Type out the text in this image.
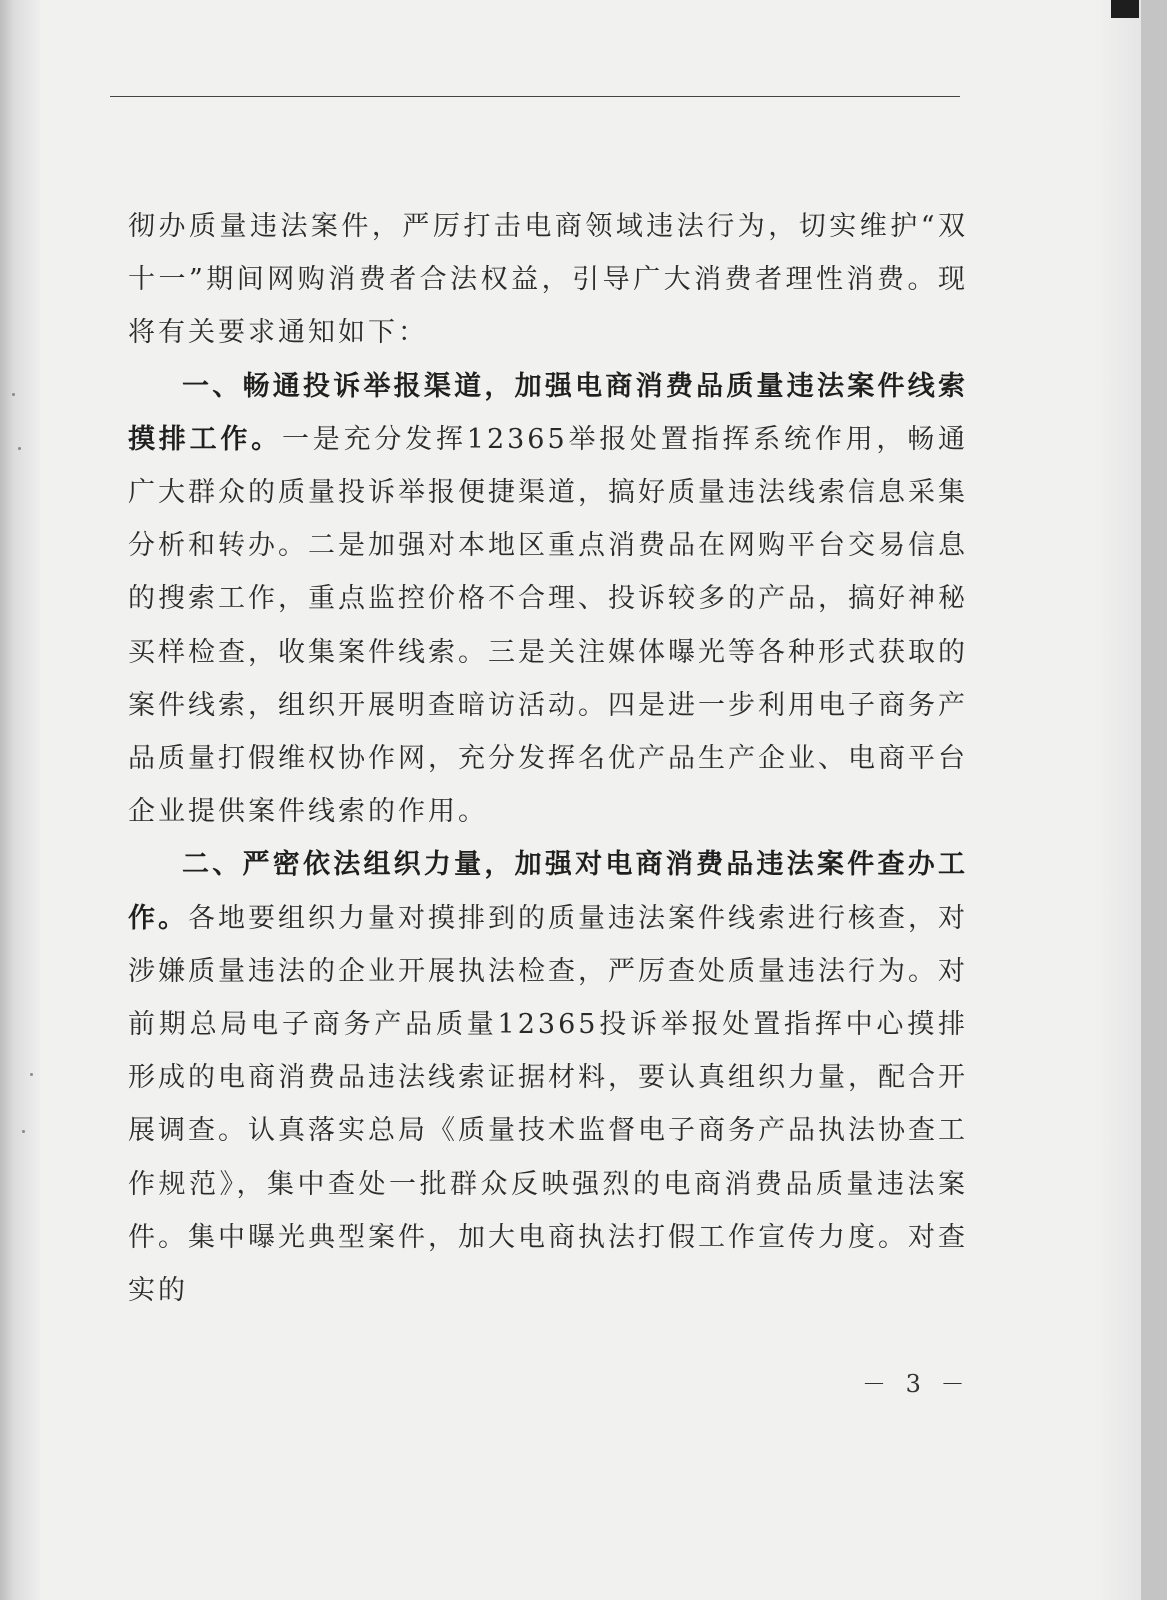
彻办质量违法案件，严厉打击电商领域违法行为，切实维护“双十一”期间网购消费者合法权益，引导广大消费者理性消费。现将有关要求通知如下：

一、畅通投诉举报渠道，加强电商消费品质量违法案件线索摸排工作。一是充分发挥12365举报处置指挥系统作用，畅通广大群众的质量投诉举报便捷渠道，搞好质量违法线索信息采集分析和转办。二是加强对本地区重点消费品在网购平台交易信息的搜索工作，重点监控价格不合理、投诉较多的产品，搞好神秘买样检查，收集案件线索。三是关注媒体曝光等各种形式获取的案件线索，组织开展明查暗访活动。四是进一步利用电子商务产品质量打假维权协作网，充分发挥名优产品生产企业、电商平台企业提供案件线索的作用。

二、严密依法组织力量，加强对电商消费品违法案件查办工作。各地要组织力量对摸排到的质量违法案件线索进行核查，对涉嫌质量违法的企业开展执法检查，严厉查处质量违法行为。对前期总局电子商务产品质量12365投诉举报处置指挥中心摸排形成的电商消费品违法线索证据材料，要认真组织力量，配合开展调查。认真落实总局《质量技术监督电子商务产品执法协查工作规范》，集中查处一批群众反映强烈的电商消费品质量违法案件。集中曝光典型案件，加大电商执法打假工作宣传力度。对查实的

－ 3 －
